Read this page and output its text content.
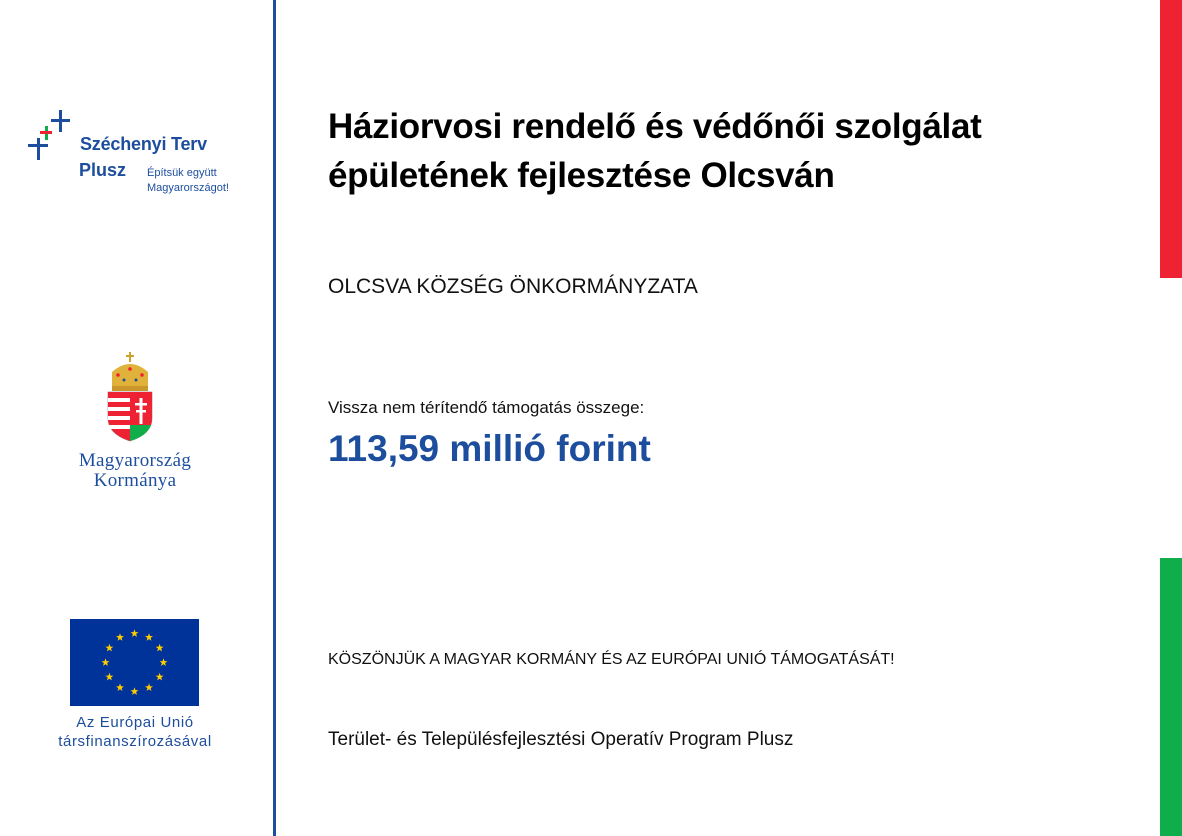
Széchenyi Terv
Plusz Építsük együtt
Magyarországot!
Magyarország
Kormánya
Az Európai Unió
társfinanszírozásával
Háziorvosi rendelő és védőnői szolgálat
épületének fejlesztése Olcsván
OLCSVA KÖZSÉG ÖNKORMÁNYZATA
Vissza nem térítendő támogatás összege:
113,59 millió forint
KÖSZÖNJÜK A MAGYAR KORMÁNY ÉS AZ EURÓPAI UNIÓ TÁMOGATÁSÁT!
Terület- és Településfejlesztési Operatív Program Plusz
